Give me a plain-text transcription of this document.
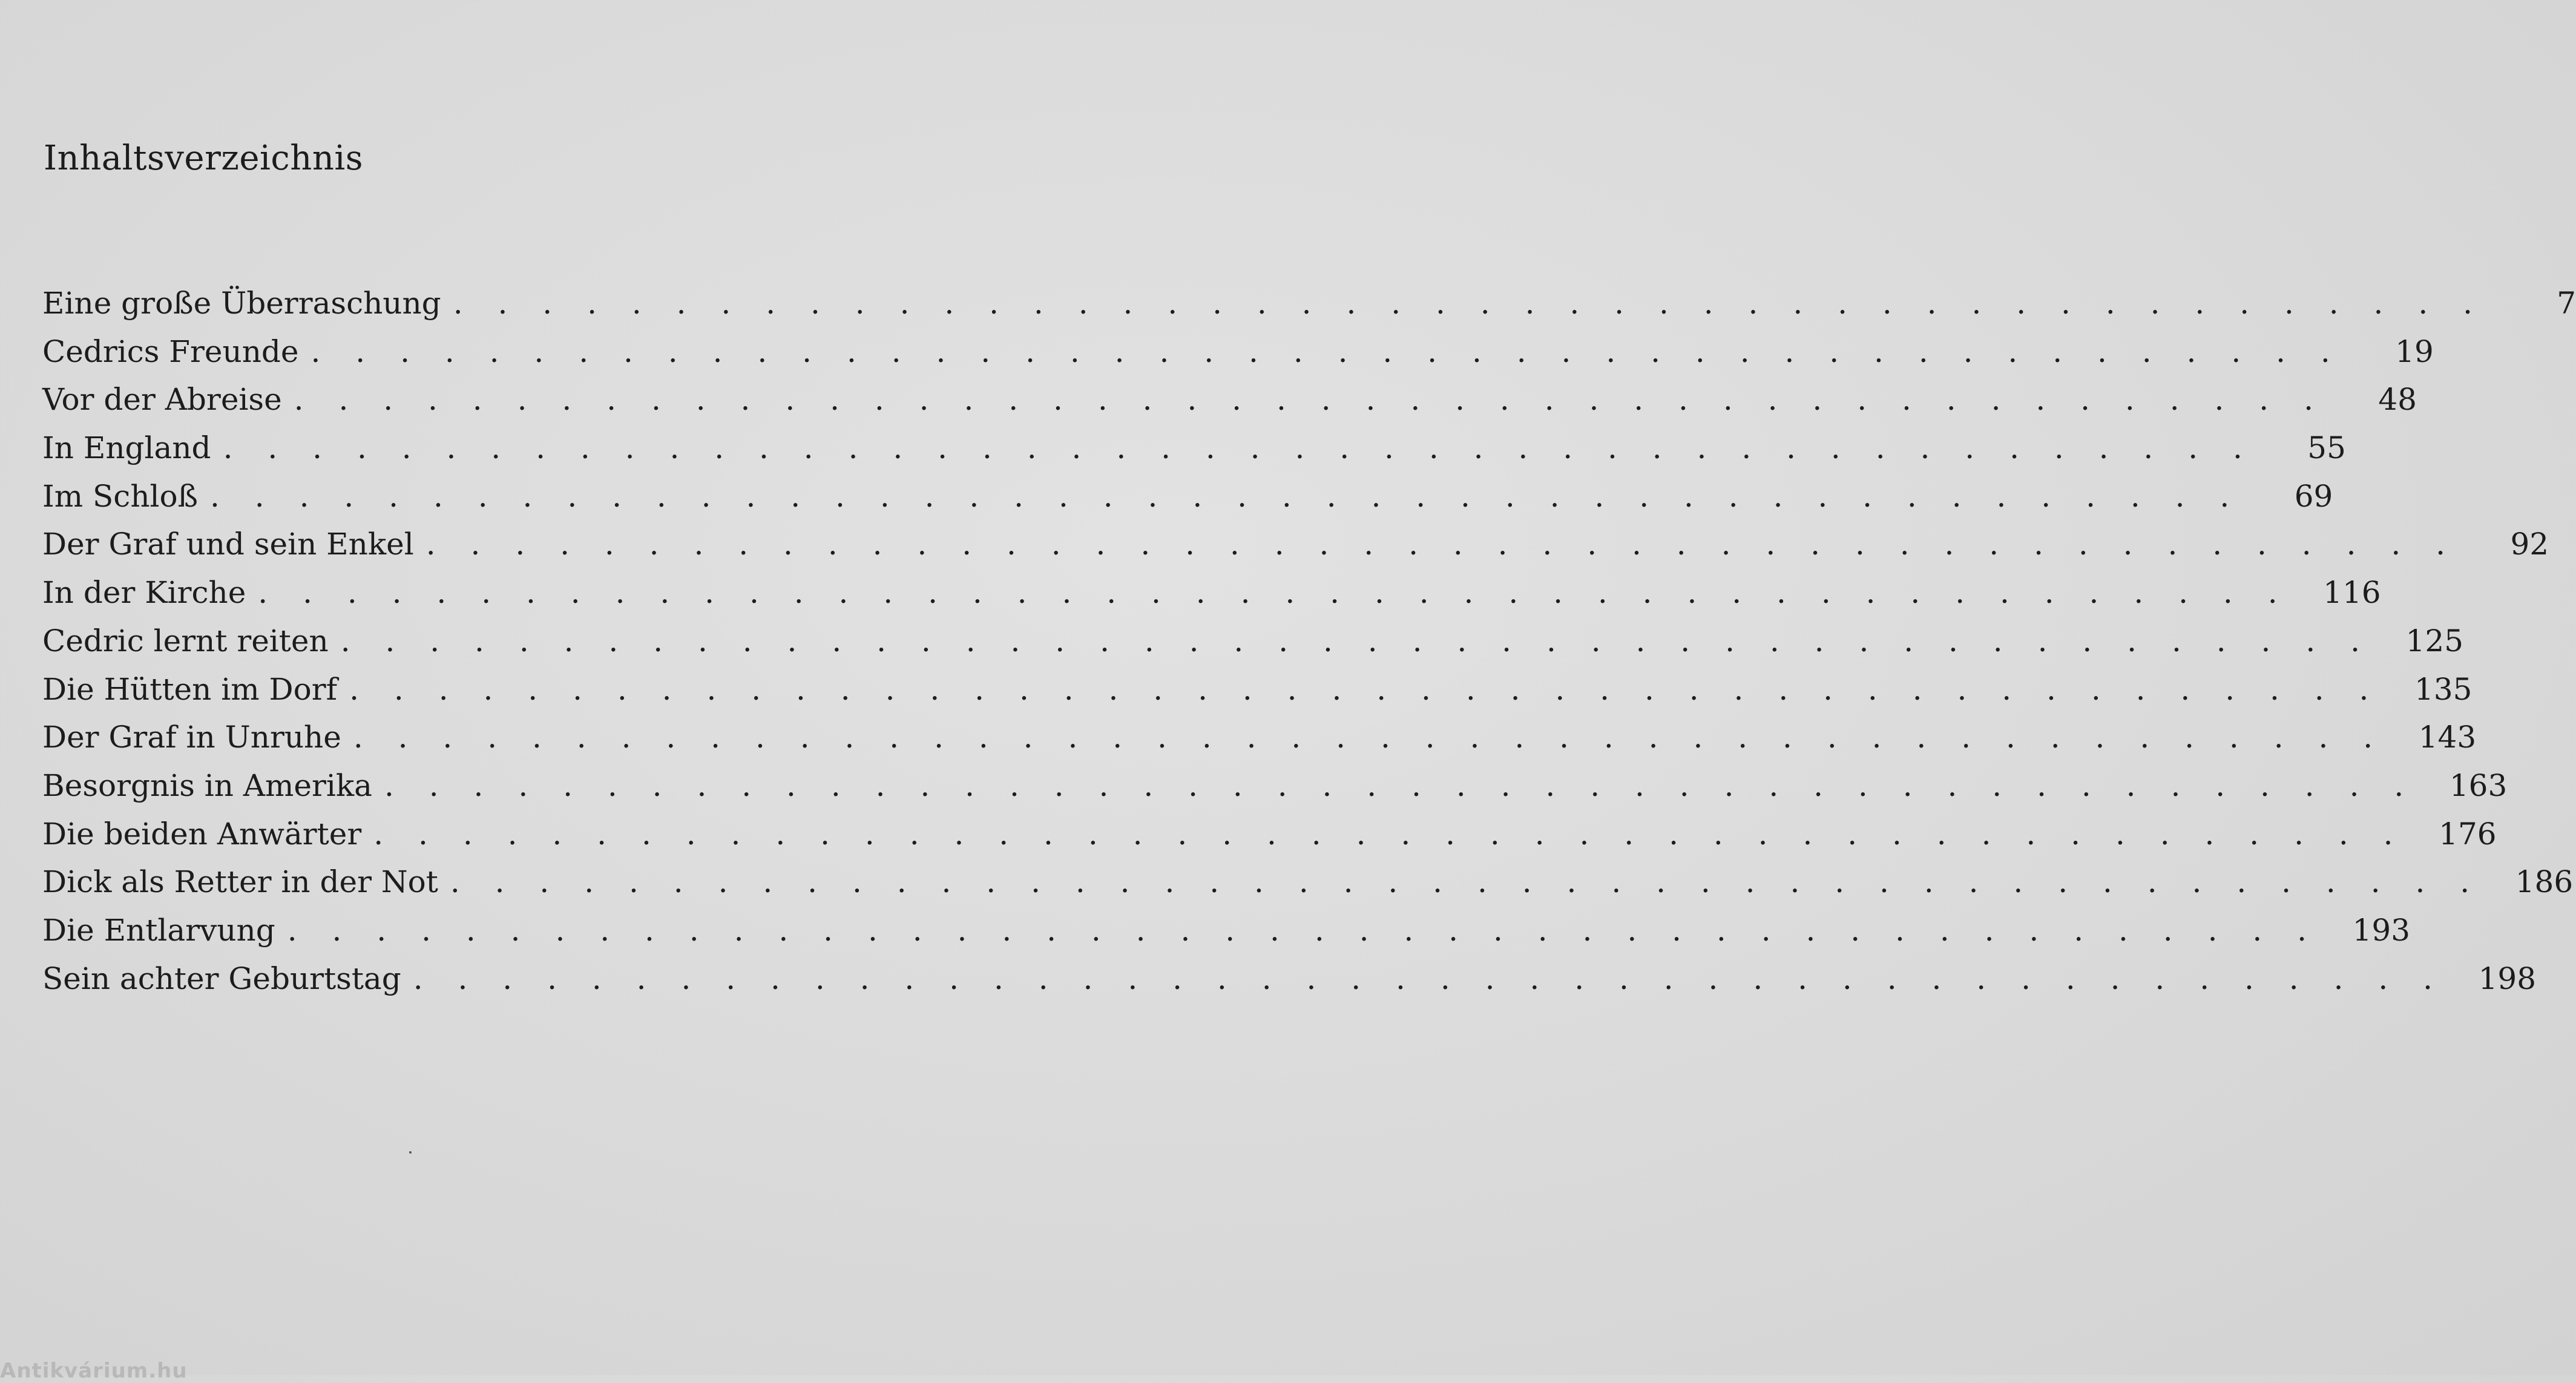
Inhaltsverzeichnis
Eine große Überraschung . . . . . . . . . . . . . . . . . . . . . . . . . . . . . . . . . . . . . . . . . . . . . .	7
Cedrics Freunde . . . . . . . . . . . . . . . . . . . . . . . . . . . . . . . . . . . . . . . . . . . . . .	19
Vor der Abreise . . . . . . . . . . . . . . . . . . . . . . . . . . . . . . . . . . . . . . . . . . . . . .	48
In England . . . . . . . . . . . . . . . . . . . . . . . . . . . . . . . . . . . . . . . . . . . . . .	55
Im Schloß . . . . . . . . . . . . . . . . . . . . . . . . . . . . . . . . . . . . . . . . . . . . . .	69
Der Graf und sein Enkel . . . . . . . . . . . . . . . . . . . . . . . . . . . . . . . . . . . . . . . . . . . . . .	92
In der Kirche . . . . . . . . . . . . . . . . . . . . . . . . . . . . . . . . . . . . . . . . . . . . . .	116
Cedric lernt reiten . . . . . . . . . . . . . . . . . . . . . . . . . . . . . . . . . . . . . . . . . . . . . .	125
Die Hütten im Dorf . . . . . . . . . . . . . . . . . . . . . . . . . . . . . . . . . . . . . . . . . . . . . .	135
Der Graf in Unruhe . . . . . . . . . . . . . . . . . . . . . . . . . . . . . . . . . . . . . . . . . . . . . .	143
Besorgnis in Amerika . . . . . . . . . . . . . . . . . . . . . . . . . . . . . . . . . . . . . . . . . . . . . .	163
Die beiden Anwärter . . . . . . . . . . . . . . . . . . . . . . . . . . . . . . . . . . . . . . . . . . . . . .	176
Dick als Retter in der Not . . . . . . . . . . . . . . . . . . . . . . . . . . . . . . . . . . . . . . . . . . . . . .	186
Die Entlarvung . . . . . . . . . . . . . . . . . . . . . . . . . . . . . . . . . . . . . . . . . . . . . .	193
Sein achter Geburtstag . . . . . . . . . . . . . . . . . . . . . . . . . . . . . . . . . . . . . . . . . . . . . .	198
Antikvárium.hu
